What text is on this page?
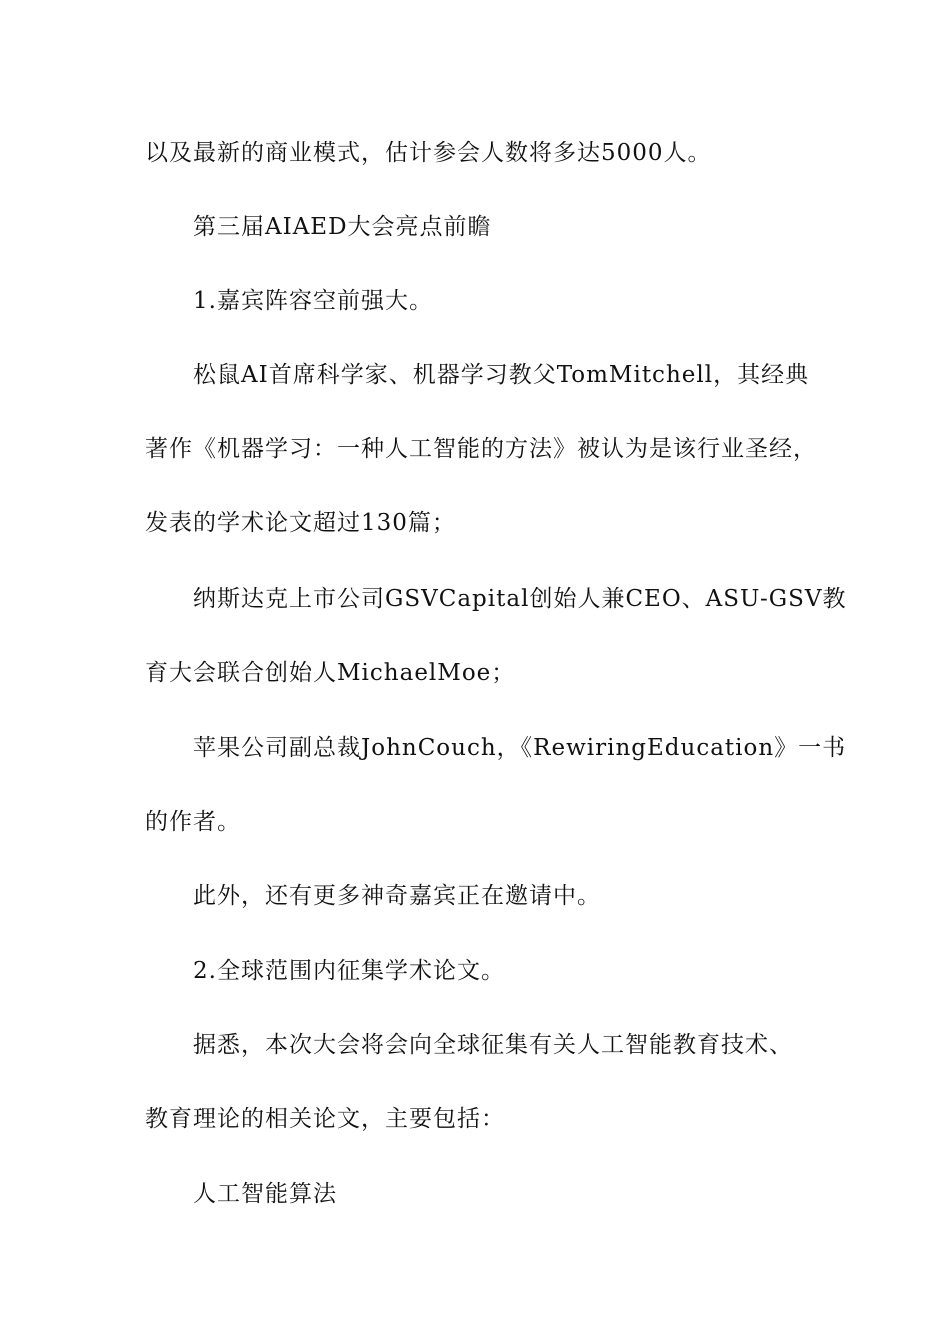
以及最新的商业模式，估计参会人数将多达5000人。
第三届AIAED大会亮点前瞻
1.嘉宾阵容空前强大。
松鼠AI首席科学家、机器学习教父TomMitchell，其经典
著作《机器学习：一种人工智能的方法》被认为是该行业圣经，
发表的学术论文超过130篇；
纳斯达克上市公司GSVCapital创始人兼CEO、ASU-GSV教
育大会联合创始人MichaelMoe；
苹果公司副总裁JohnCouch，《RewiringEducation》一书
的作者。
此外，还有更多神奇嘉宾正在邀请中。
2.全球范围内征集学术论文。
据悉，本次大会将会向全球征集有关人工智能教育技术、
教育理论的相关论文，主要包括：
人工智能算法
